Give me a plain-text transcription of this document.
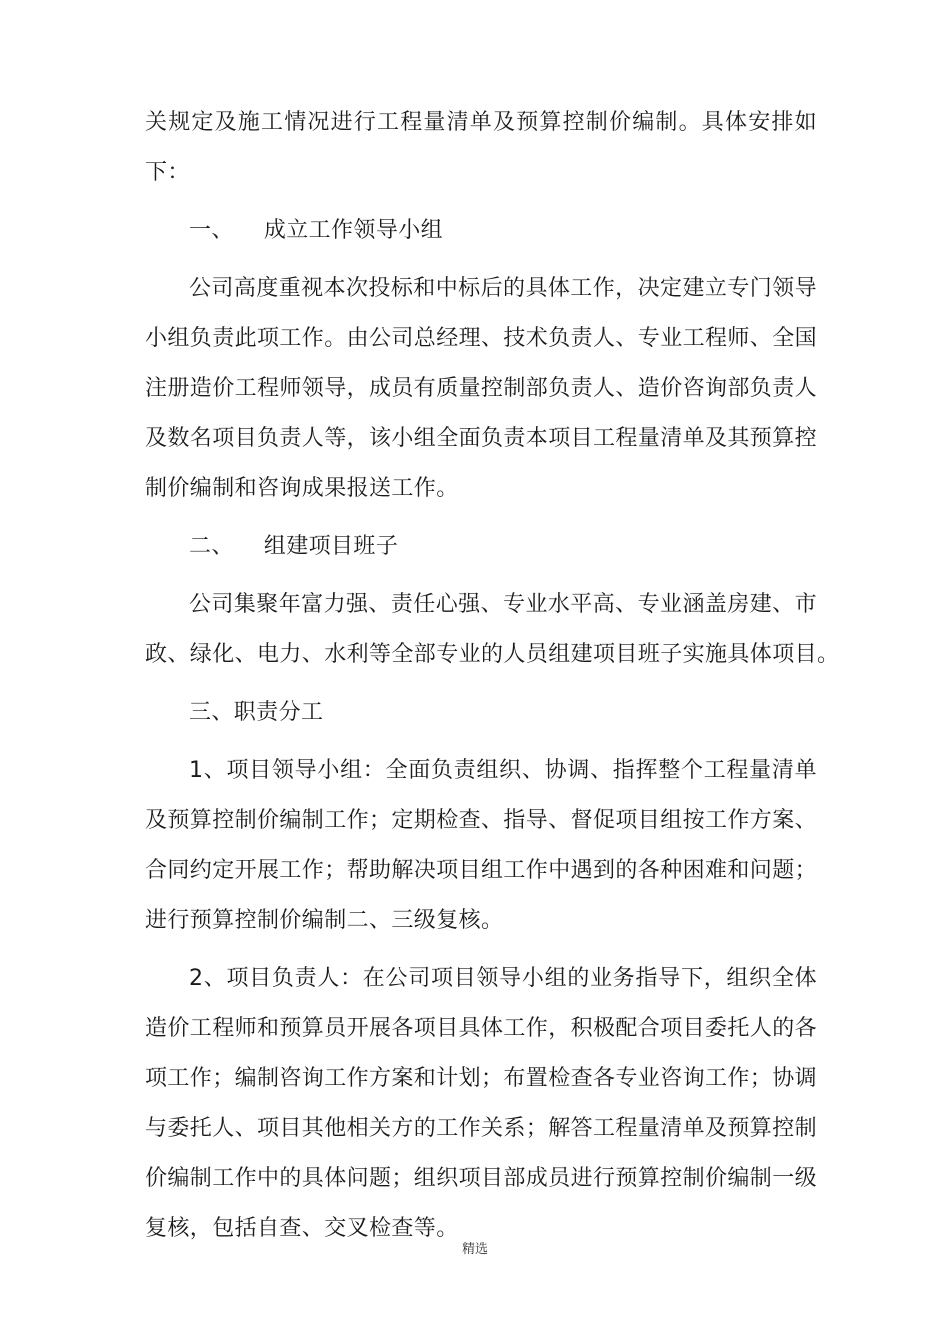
关规定及施工情况进行工程量清单及预算控制价编制。具体安排如
下：
一、 成立工作领导小组
公司高度重视本次投标和中标后的具体工作，决定建立专门领导
小组负责此项工作。由公司总经理、技术负责人、专业工程师、全国
注册造价工程师领导，成员有质量控制部负责人、造价咨询部负责人
及数名项目负责人等，该小组全面负责本项目工程量清单及其预算控
制价编制和咨询成果报送工作。
二、 组建项目班子
公司集聚年富力强、责任心强、专业水平高、专业涵盖房建、市
政、绿化、电力、水利等全部专业的人员组建项目班子实施具体项目。
三、职责分工
1、项目领导小组：全面负责组织、协调、指挥整个工程量清单
及预算控制价编制工作；定期检查、指导、督促项目组按工作方案、
合同约定开展工作；帮助解决项目组工作中遇到的各种困难和问题；
进行预算控制价编制二、三级复核。
2、项目负责人：在公司项目领导小组的业务指导下，组织全体
造价工程师和预算员开展各项目具体工作，积极配合项目委托人的各
项工作；编制咨询工作方案和计划；布置检查各专业咨询工作；协调
与委托人、项目其他相关方的工作关系；解答工程量清单及预算控制
价编制工作中的具体问题；组织项目部成员进行预算控制价编制一级
复核，包括自查、交叉检查等。
精选
